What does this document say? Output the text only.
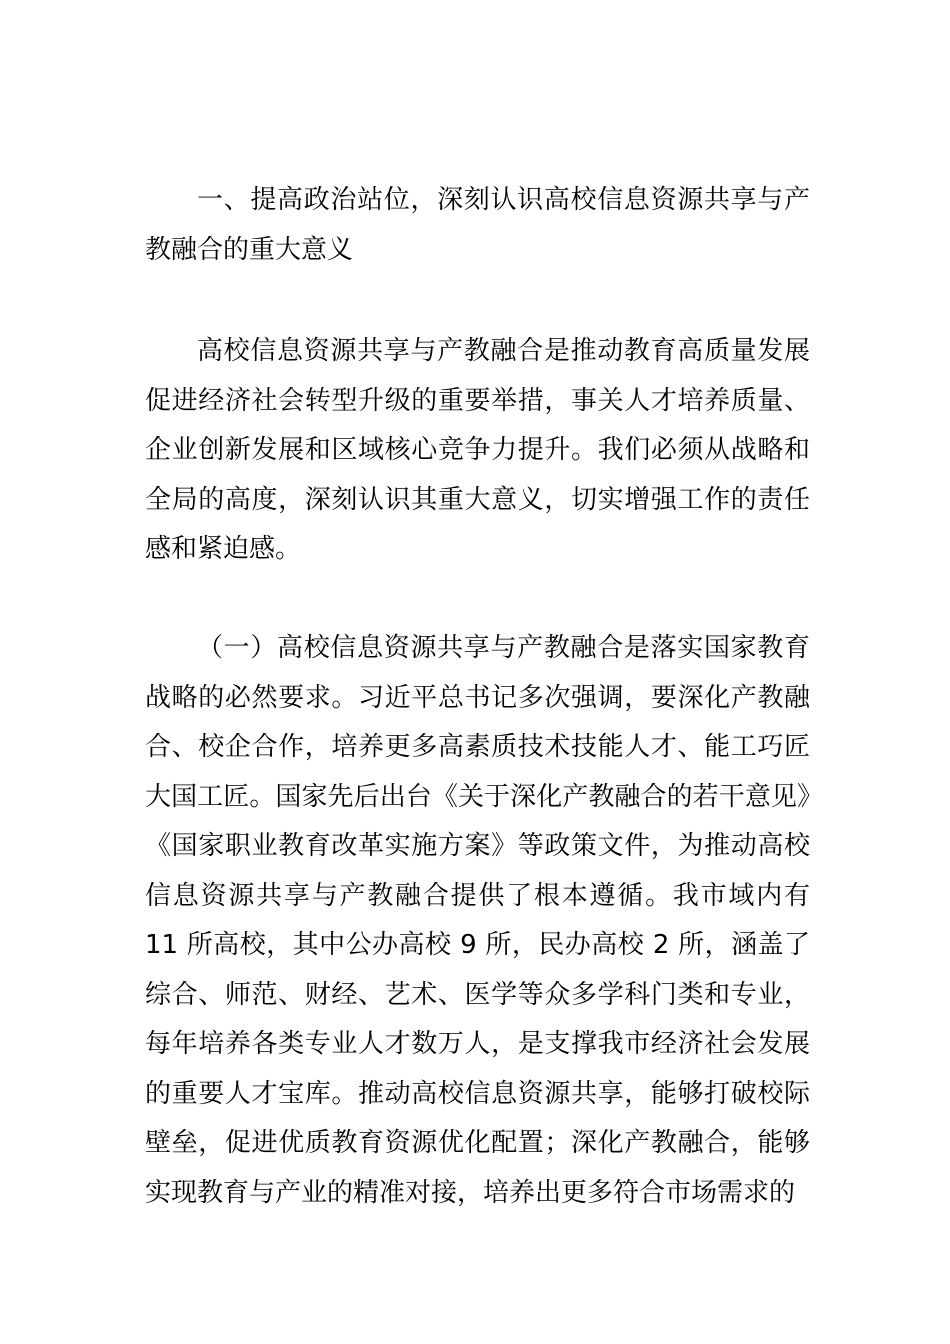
一、提高政治站位，深刻认识高校信息资源共享与产教融合的重大意义

高校信息资源共享与产教融合是推动教育高质量发展促进经济社会转型升级的重要举措，事关人才培养质量、企业创新发展和区域核心竞争力提升。我们必须从战略和全局的高度，深刻认识其重大意义，切实增强工作的责任感和紧迫感。

（一）高校信息资源共享与产教融合是落实国家教育战略的必然要求。习近平总书记多次强调，要深化产教融合、校企合作，培养更多高素质技术技能人才、能工巧匠大国工匠。国家先后出台《关于深化产教融合的若干意见》《国家职业教育改革实施方案》等政策文件，为推动高校信息资源共享与产教融合提供了根本遵循。我市域内有 11 所高校，其中公办高校 9 所，民办高校 2 所，涵盖了综合、师范、财经、艺术、医学等众多学科门类和专业，每年培养各类专业人才数万人，是支撑我市经济社会发展的重要人才宝库。推动高校信息资源共享，能够打破校际壁垒，促进优质教育资源优化配置；深化产教融合，能够实现教育与产业的精准对接，培养出更多符合市场需求的
